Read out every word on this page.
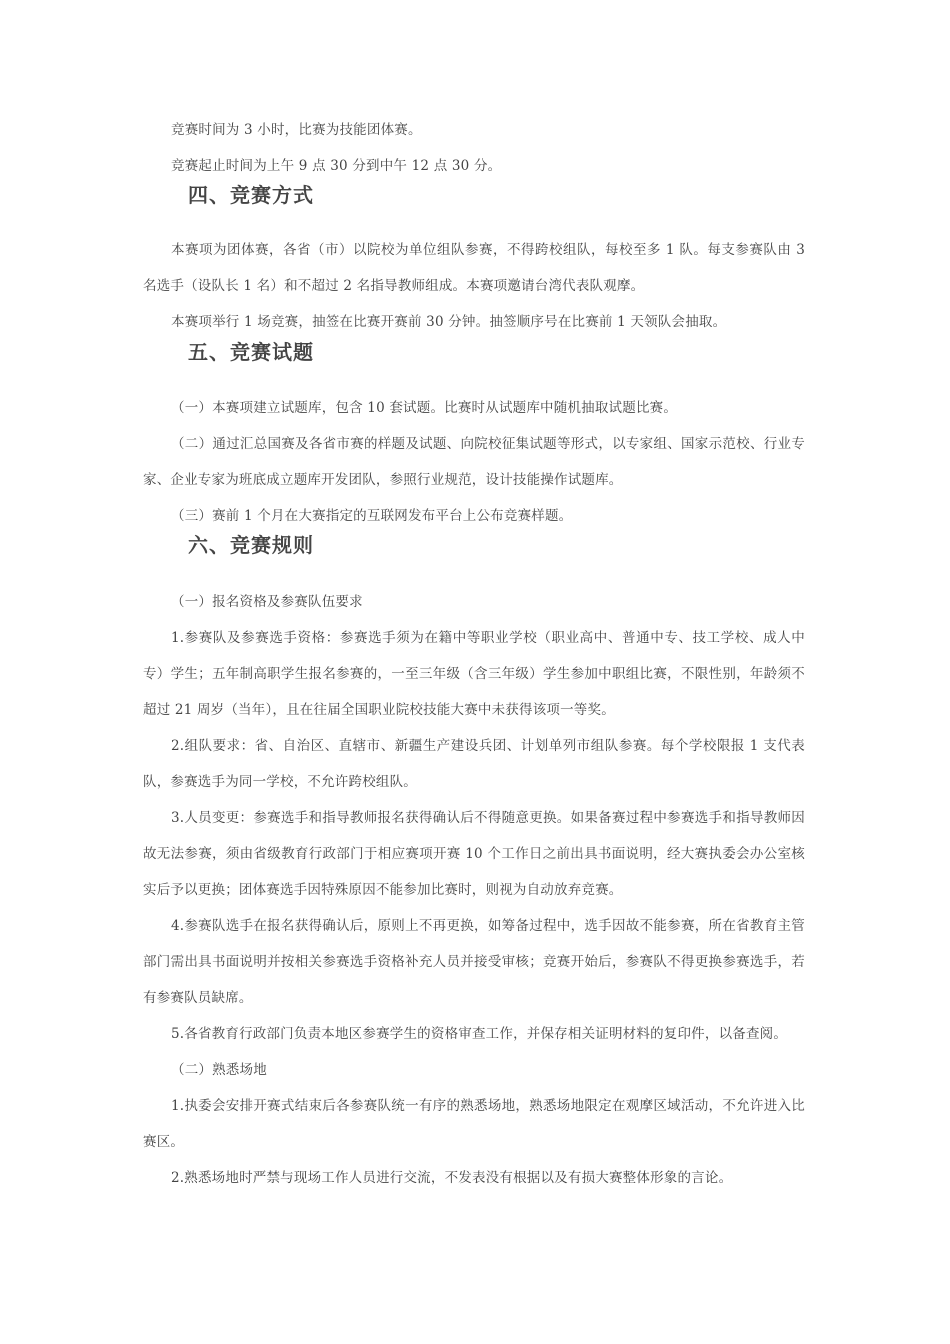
竞赛时间为 3 小时，比赛为技能团体赛。

竞赛起止时间为上午 9 点 30 分到中午 12 点 30 分。

四、竞赛方式

本赛项为团体赛，各省（市）以院校为单位组队参赛，不得跨校组队，每校至多 1 队。每支参赛队由 3 名选手（设队长 1 名）和不超过 2 名指导教师组成。本赛项邀请台湾代表队观摩。

本赛项举行 1 场竞赛，抽签在比赛开赛前 30 分钟。抽签顺序号在比赛前 1 天领队会抽取。

五、竞赛试题

（一）本赛项建立试题库，包含 10 套试题。比赛时从试题库中随机抽取试题比赛。

（二）通过汇总国赛及各省市赛的样题及试题、向院校征集试题等形式，以专家组、国家示范校、行业专家、企业专家为班底成立题库开发团队，参照行业规范，设计技能操作试题库。

（三）赛前 1 个月在大赛指定的互联网发布平台上公布竞赛样题。

六、竞赛规则

（一）报名资格及参赛队伍要求

1.参赛队及参赛选手资格：参赛选手须为在籍中等职业学校（职业高中、普通中专、技工学校、成人中专）学生；五年制高职学生报名参赛的，一至三年级（含三年级）学生参加中职组比赛，不限性别，年龄须不超过 21 周岁（当年），且在往届全国职业院校技能大赛中未获得该项一等奖。

2.组队要求：省、自治区、直辖市、新疆生产建设兵团、计划单列市组队参赛。每个学校限报 1 支代表队，参赛选手为同一学校，不允许跨校组队。

3.人员变更：参赛选手和指导教师报名获得确认后不得随意更换。如果备赛过程中参赛选手和指导教师因故无法参赛，须由省级教育行政部门于相应赛项开赛 10 个工作日之前出具书面说明，经大赛执委会办公室核实后予以更换；团体赛选手因特殊原因不能参加比赛时，则视为自动放弃竞赛。

4.参赛队选手在报名获得确认后，原则上不再更换，如筹备过程中，选手因故不能参赛，所在省教育主管部门需出具书面说明并按相关参赛选手资格补充人员并接受审核；竞赛开始后，参赛队不得更换参赛选手，若有参赛队员缺席。

5.各省教育行政部门负责本地区参赛学生的资格审查工作，并保存相关证明材料的复印件，以备查阅。

（二）熟悉场地

1.执委会安排开赛式结束后各参赛队统一有序的熟悉场地，熟悉场地限定在观摩区域活动，不允许进入比赛区。

2.熟悉场地时严禁与现场工作人员进行交流，不发表没有根据以及有损大赛整体形象的言论。
